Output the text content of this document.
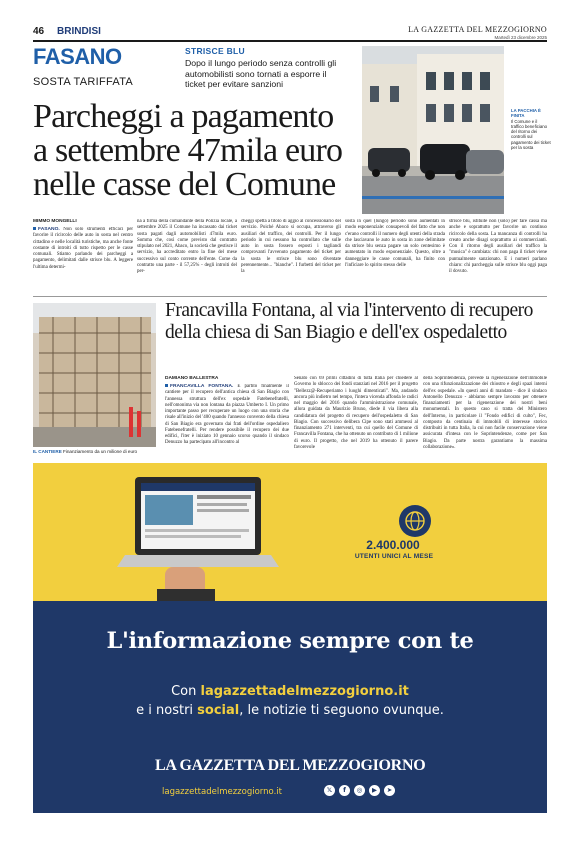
46 BRINDISI	LA GAZZETTA DEL MEZZOGIORNO
Martedì 23 dicembre 2025
FASANO
SOSTA TARIFFATA
STRISCE BLU
Dopo il lungo periodo senza controlli gli automobilisti sono tornati a esporre il ticket per evitare sanzioni
Parcheggi a pagamento a settembre 47mila euro nelle casse del Comune
LA PACCHIA È FINITA
Il Comune e il traffico beneficiano del ritorno dei controlli sul pagamento dei ticket per la sosta
MIMMO MONGELLI
FASANO. Non solo strumenti efficaci per favorire il ricircolo delle auto in sosta nel centro cittadino e nelle località turistiche, ma anche fonte costante di introiti di tutto rispetto per le casse comunali. Stiamo parlando dei parcheggi a pagamento, delimitati dalle strisce blu. A leggere l'ultima determi-
na a firma della comandante della Polizia locale, a settembre 2025 il Comune ha incassato dai ticket sosta pagati dagli automobilisti 47mila euro. Somma che, così come previsto dal contratto stipulato nel 2021, Abaco, la società che gestisce il servizio, ha accreditato entro la fine del mese successivo sul conto corrente dell'ente. Come da contratto una parte - il 57,25% - degli introiti del per-
cheggi spetta a titolo di aggio al concessionario del servizio. Poiché Abaco si occupa, attraverso gli ausiliari del traffico, dei controlli. Per il lungo periodo in cui nessuno ha controllato che sulle auto in sosta fossero esposti i tagliandi comprovanti l'avvenuto pagamento del ticket per la sosta le strisce blu sono diventate perennemente... "bianche". I furbetti del ticket per la
sosta in quel (lungo) periodo sono aumentati in modo esponenziale: consapevoli del fatto che non c'erano controlli il numero degli utenti della strada che lasciavano le auto in sosta in zone delimitate da strisce blu senza pagare un solo centesimo è aumentato in modo esponenziale. Questo, oltre a danneggiare le casse comunali, ha finito con l'inficiare lo spirito stesso delle
strisce blu, istituite non (solo) per fare cassa ma anche e soprattutto per favorire un continuo ricircolo della sosta. La mancanza di controlli ha creato anche disagi soprattutto ai commercianti. Con il ritorno degli ausiliari del traffico la "musica" è cambiata: chi non paga il ticket viene puntualmente sanzionato. E i numeri parlano chiaro: chi parcheggia sulle strisce blu oggi paga il dovuto.
IL CANTIERE Finanziamento da un milione di euro
Francavilla Fontana, al via l'intervento di recupero della chiesa di San Biagio e dell'ex ospedaletto
DAMIANO BALLESTRA
FRANCAVILLA FONTANA. È partito finalmente il cantiere per il recupero dell'antica chiesa di San Biagio con l'annessa struttura dell'ex ospedale Fatebenefratelli, nell'omonima via non lontana da piazza Umberto I. Un primo importante passo per recuperare un luogo con una storia che risale all'inizio del '400 quando l'annesso convento della chiesa di San Biagio era governato dai frati dell'ordine ospedaliero Fatebenefratelli. Per rendere possibile il recupero dei due edifici, l'iter è iniziato 10 gennaio scorso quando il sindaco Denuzzo ha partecipato all'incontro al
Senato con 69 primi cittadini di tutta Italia per chiedere al Governo lo sblocco dei fondi stanziati nel 2016 per il progetto "Bellezz@-Recuperiamo i luoghi dimenticati". Ma, andando ancora più indietro nel tempo, l'intera vicenda affonda le radici nel maggio del 2016 quando l'amministrazione comunale, allora guidata da Maurizio Bruno, diede il via libera alla candidatura del progetto di recupero dell'ospedaletto di San Biagio. Con successivo delibera Cipe sono stati ammessi al finanziamento 271 interventi, tra cui quello del Comune di Francavilla Fontana, che ha ottenuto un contributo di 1 milione di euro. Il progetto, che nel 2019 ha ottenuto il parere favorevole
della Soprintendenza, prevede la rigenerazione dell'immobile con una rifunzionalizzazione dei chiostro e degli spazi interni dell'ex ospedale. «In questi anni di mandato - dice il sindaco Antonello Denuzzo - abbiamo sempre lavorato per ottenere finanziamenti per la rigenerazione dei nostri beni monumentali. In questo caso si tratta del Ministero dell'Interno, in particolare il "Fondo edifici di culto", Fec, composto da centinaia di immobili di interesse storico distribuiti in tutta Italia, la cui non facile conservazione viene assicurata d'intesa con le Soprintendenze, come per San Biagio. Da parte nostra garantiamo la massima collaborazione».
2.400.000
UTENTI UNICI AL MESE
L'informazione sempre con te
Con lagazzettadelmezzogiorno.it
e i nostri social, le notizie ti seguono ovunque.
LA GAZZETTA DEL MEZZOGIORNO
lagazzettadelmezzogiorno.it	𝕏	f	◎	▶	➤
